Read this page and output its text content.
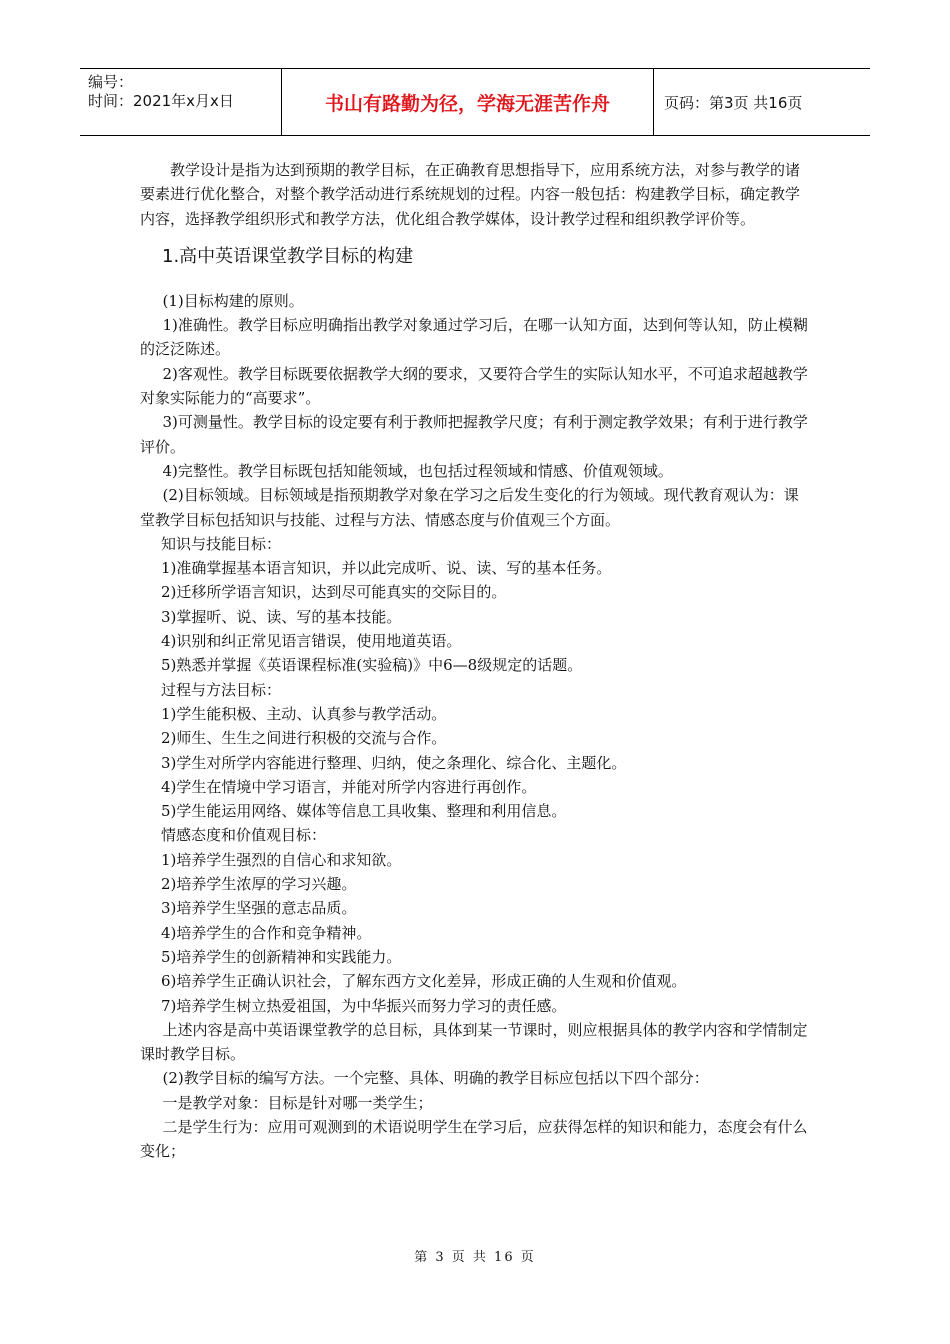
编号：
时间：2021年x月x日	书山有路勤为径，学海无涯苦作舟	页码：第3页 共16页

教学设计是指为达到预期的教学目标，在正确教育思想指导下，应用系统方法，对参与教学的诸要素进行优化整合，对整个教学活动进行系统规划的过程。内容一般包括：构建教学目标，确定教学内容，选择教学组织形式和教学方法，优化组合教学媒体，设计教学过程和组织教学评价等。

1.高中英语课堂教学目标的构建

(1)目标构建的原则。

1)准确性。教学目标应明确指出教学对象通过学习后，在哪一认知方面，达到何等认知，防止模糊的泛泛陈述。

2)客观性。教学目标既要依据教学大纲的要求，又要符合学生的实际认知水平，不可追求超越教学对象实际能力的“高要求”。

3)可测量性。教学目标的设定要有利于教师把握教学尺度；有利于测定教学效果；有利于进行教学评价。

4)完整性。教学目标既包括知能领域，也包括过程领域和情感、价值观领域。

(2)目标领域。目标领域是指预期教学对象在学习之后发生变化的行为领域。现代教育观认为：课堂教学目标包括知识与技能、过程与方法、情感态度与价值观三个方面。

知识与技能目标：

1)准确掌握基本语言知识，并以此完成听、说、读、写的基本任务。

2)迁移所学语言知识，达到尽可能真实的交际目的。

3)掌握听、说、读、写的基本技能。

4)识别和纠正常见语言错误，使用地道英语。

5)熟悉并掌握《英语课程标准(实验稿)》中6—8级规定的话题。

过程与方法目标：

1)学生能积极、主动、认真参与教学活动。

2)师生、生生之间进行积极的交流与合作。

3)学生对所学内容能进行整理、归纳，使之条理化、综合化、主题化。

4)学生在情境中学习语言，并能对所学内容进行再创作。

5)学生能运用网络、媒体等信息工具收集、整理和利用信息。

情感态度和价值观目标：

1)培养学生强烈的自信心和求知欲。

2)培养学生浓厚的学习兴趣。

3)培养学生坚强的意志品质。

4)培养学生的合作和竞争精神。

5)培养学生的创新精神和实践能力。

6)培养学生正确认识社会，了解东西方文化差异，形成正确的人生观和价值观。

7)培养学生树立热爱祖国，为中华振兴而努力学习的责任感。

上述内容是高中英语课堂教学的总目标，具体到某一节课时，则应根据具体的教学内容和学情制定课时教学目标。

(2)教学目标的编写方法。一个完整、具体、明确的教学目标应包括以下四个部分：

一是教学对象：目标是针对哪一类学生；

二是学生行为：应用可观测到的术语说明学生在学习后，应获得怎样的知识和能力，态度会有什么变化；

第 3 页 共 16 页
